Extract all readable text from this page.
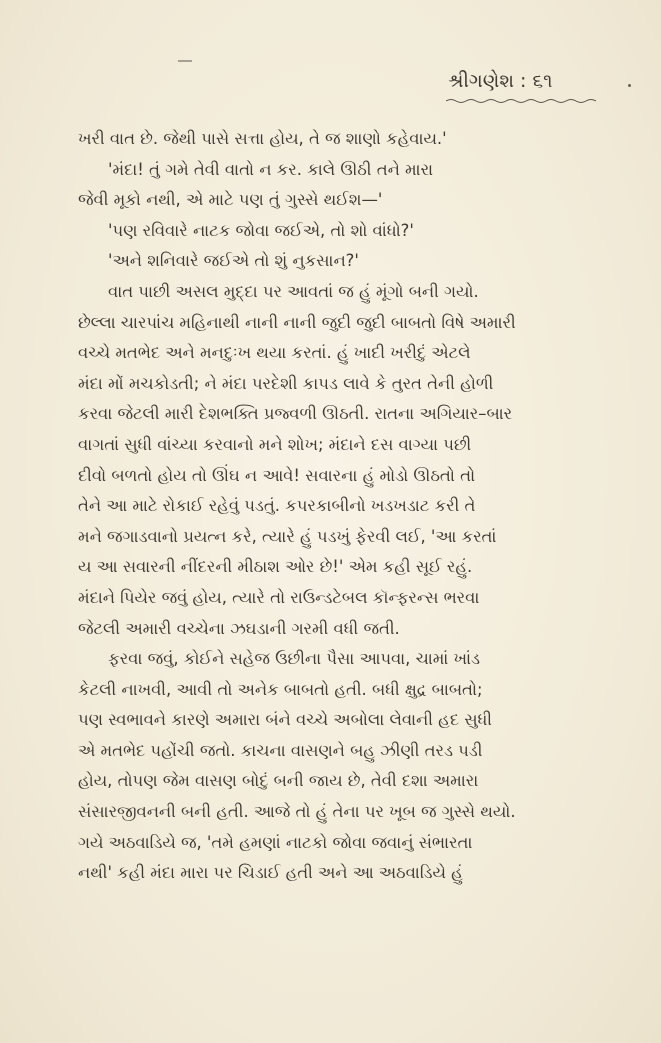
શ્રીગણેશ : ૬૧
ખરી વાત છે. જેથી પાસે સત્તા હોય, તે જ શાણો કહેવાય.'
'મંદા! તું ગમે તેવી વાતો ન કર. કાલે ઊઠી તને મારા
જેવી મૂકો નથી, એ માટે પણ તું ગુસ્સે થઈશ—'
'પણ રવિવારે નાટક જોવા જઈએ, તો શો વાંધો?'
'અને શનિવારે જઈએ તો શું નુકસાન?'
વાત પાછી અસલ મુદ્દા પર આવતાં જ હું મૂંગો બની ગયો.
છેલ્લા ચારપાંચ મહિનાથી નાની નાની જુદી જુદી બાબતો વિષે અમારી
વચ્ચે મતભેદ અને મનદુઃખ થયા કરતાં. હું ખાદી ખરીદું એટલે
મંદા મોં મચકોડતી; ને મંદા પરદેશી કાપડ લાવે કે તુરત તેની હોળી
કરવા જેટલી મારી દેશભક્તિ પ્રજ્વળી ઊઠતી. રાતના અગિયાર–બાર
વાગતાં સુધી વાંચ્યા કરવાનો મને શોખ; મંદાને દસ વાગ્યા પછી
દીવો બળતો હોય તો ઊંઘ ન આવે! સવારના હું મોડો ઊઠતો તો
તેને આ માટે રોકાઈ રહેવું પડતું. કપરકાબીનો ખડખડાટ કરી તે
મને જગાડવાનો પ્રયત્ન કરે, ત્યારે હું પડખું ફેરવી લઈ, 'આ કરતાં
ય આ સવારની નીંદરની મીઠાશ ઓર છે!' એમ કહી સૂઈ રહું.
મંદાને પિયેર જવું હોય, ત્યારે તો રાઉન્ડટેબલ કૉન્ફરન્સ ભરવા
જેટલી અમારી વચ્ચેના ઝઘડાની ગરમી વધી જતી.
ફરવા જવું, કોઈને સહેજ ઉછીના પૈસા આપવા, ચામાં ખાંડ
કેટલી નાખવી, આવી તો અનેક બાબતો હતી. બધી ક્ષુદ્ર બાબતો;
પણ સ્વભાવને કારણે અમારા બંને વચ્ચે અબોલા લેવાની હદ સુધી
એ મતભેદ પહોંચી જતો. કાચના વાસણને બહુ ઝીણી તરડ પડી
હોય, તોપણ જેમ વાસણ બોદું બની જાય છે, તેવી દશા અમારા
સંસારજીવનની બની હતી. આજે તો હું તેના પર ખૂબ જ ગુસ્સે થયો.
ગયે અઠવાડિયે જ, 'તમે હમણાં નાટકો જોવા જવાનું સંભારતા
નથી' કહી મંદા મારા પર ચિડાઈ હતી અને આ અઠવાડિયે હું
